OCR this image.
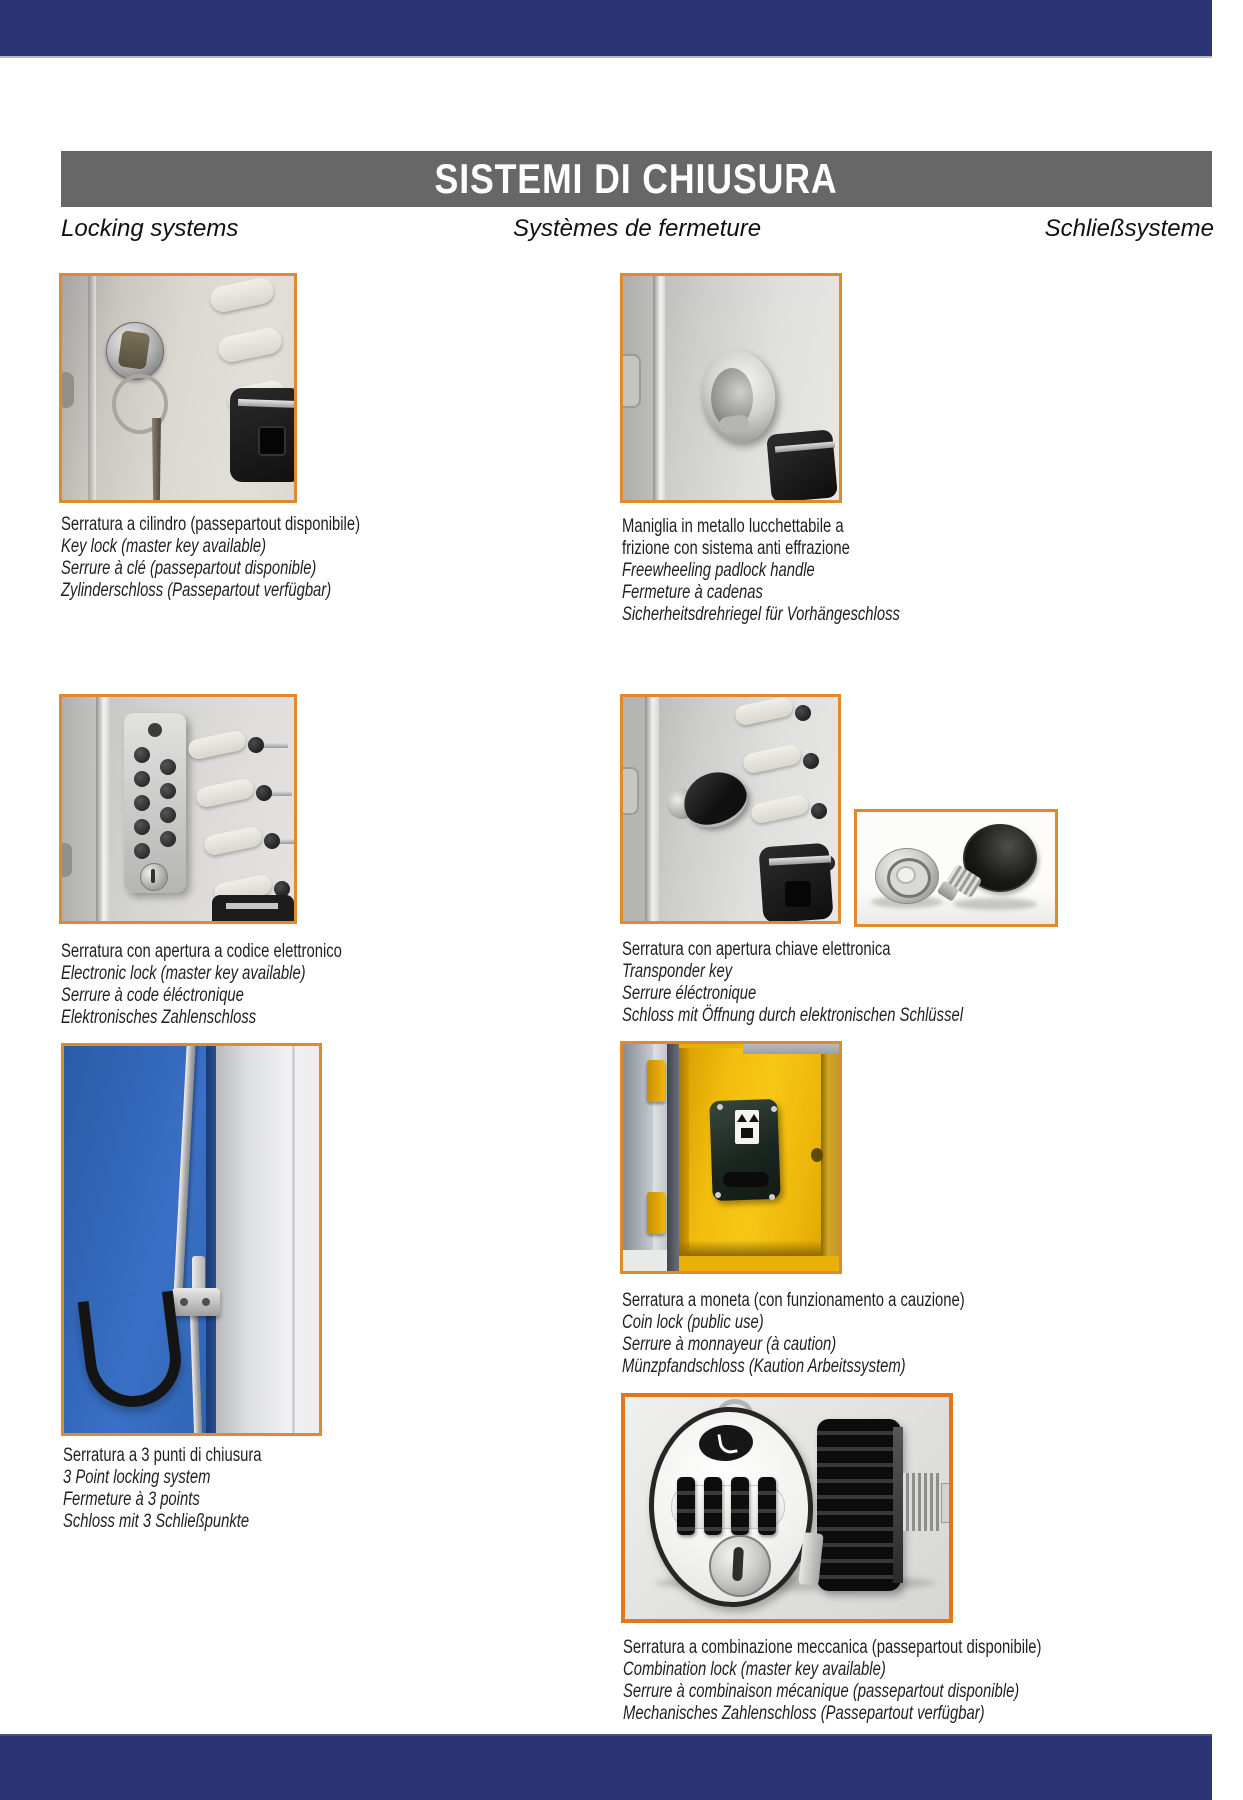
SISTEMI DI CHIUSURA
Locking systems	Systèmes de fermeture	Schließsysteme
Serratura a cilindro (passepartout disponibile)
Key lock (master key available)
Serrure à clé (passepartout disponible)
Zylinderschloss (Passepartout verfügbar)
Maniglia in metallo lucchettabile a
frizione con sistema anti effrazione
Freewheeling padlock handle
Fermeture à cadenas
Sicherheitsdrehriegel für Vorhängeschloss
Serratura con apertura a codice elettronico
Electronic lock (master key available)
Serrure à code éléctronique
Elektronisches Zahlenschloss
Serratura con apertura chiave elettronica
Transponder key
Serrure éléctronique
Schloss mit Öffnung durch elektronischen Schlüssel
Serratura a 3 punti di chiusura
3 Point locking system
Fermeture à 3 points
Schloss mit 3 Schließpunkte
Serratura a moneta (con funzionamento a cauzione)
Coin lock (public use)
Serrure à monnayeur (à caution)
Münzpfandschloss (Kaution Arbeitssystem)
Serratura a combinazione meccanica (passepartout disponibile)
Combination lock (master key available)
Serrure à combinaison mécanique (passepartout disponible)
Mechanisches Zahlenschloss (Passepartout verfügbar)
